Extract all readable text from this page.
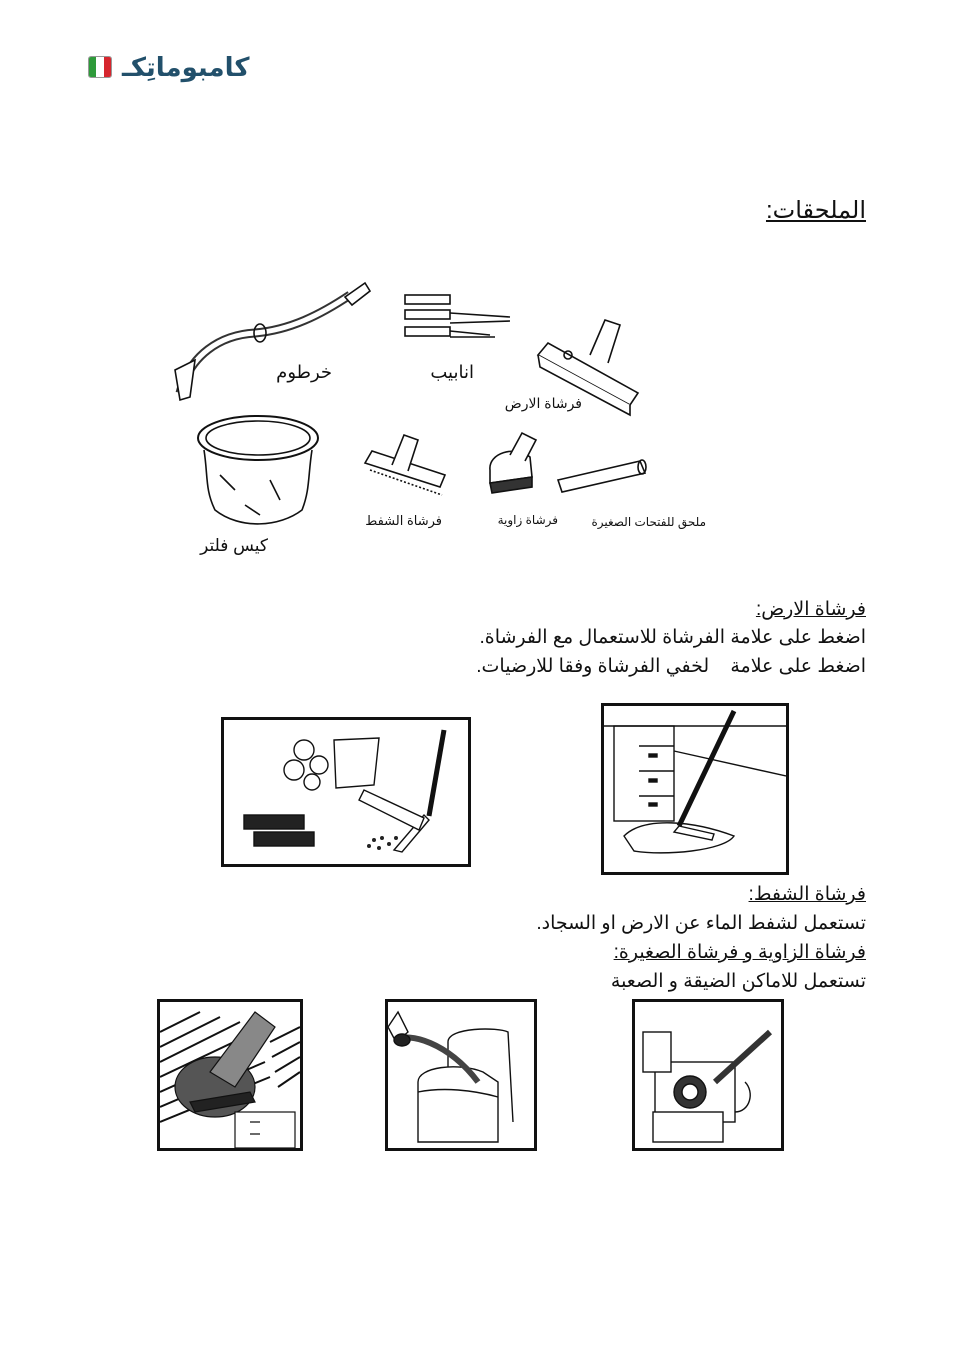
كامبوماتِكـ
الملحقات:
خرطوم	انابيب
فرشاة الارض
كيس فلتر
فرشاة الشفط	فرشاة زاوية	ملحق للفتحات الصغيرة
فرشاة الارض:
اضغط على علامة الفرشاة للاستعمال مع الفرشاة.
اضغط على علامة    لخفي الفرشاة وفقا للارضيات.
فرشاة الشفط:
تستعمل لشفط الماء عن الارض او السجاد.
فرشاة الزاوية و فرشاة الصغيرة:
تستعمل للاماكن الضيقة و الصعبة
